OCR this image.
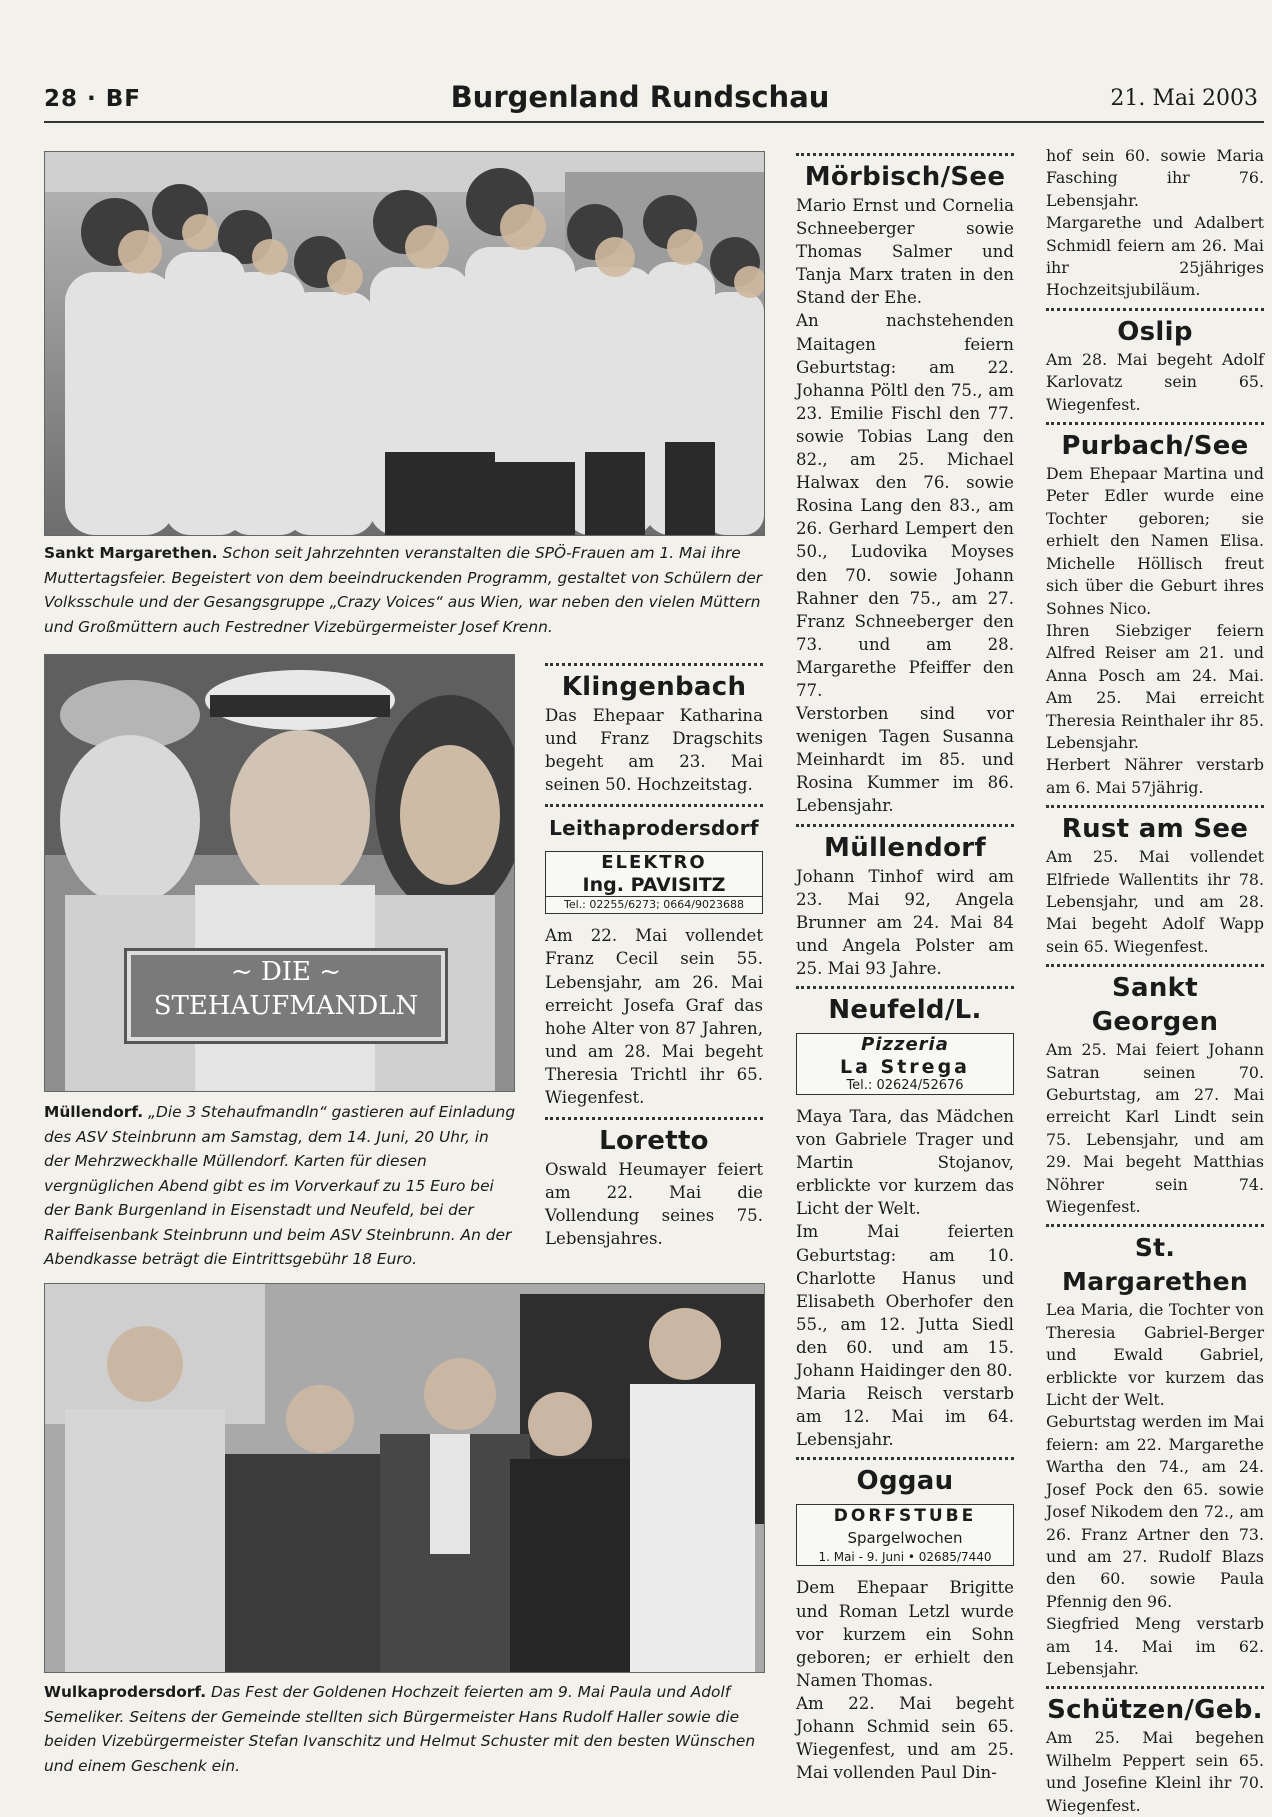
28 · BF	Burgenland Rundschau	21. Mai 2003
Sankt Margarethen. Schon seit Jahrzehnten veranstalten die SPÖ-Frauen am 1. Mai ihre Muttertagsfeier. Begeistert von dem beeindruckenden Programm, gestaltet von Schülern der Volksschule und der Gesangsgruppe „Crazy Voices“ aus Wien, war neben den vielen Müttern und Großmüttern auch Festredner Vizebürgermeister Josef Krenn.
~ DIE ~
STEHAUFMANDLN
Müllendorf. „Die 3 Stehaufmandln“ gastieren auf Einladung des ASV Steinbrunn am Samstag, dem 14. Juni, 20 Uhr, in der Mehrzweckhalle Müllendorf. Karten für diesen vergnüglichen Abend gibt es im Vorverkauf zu 15 Euro bei der Bank Burgenland in Eisenstadt und Neufeld, bei der Raiffeisenbank Steinbrunn und beim ASV Steinbrunn. An der Abendkasse beträgt die Eintrittsgebühr 18 Euro.
Wulkaprodersdorf. Das Fest der Goldenen Hochzeit feierten am 9. Mai Paula und Adolf Semeliker. Seitens der Gemeinde stellten sich Bürgermeister Hans Rudolf Haller sowie die beiden Vizebürgermeister Stefan Ivanschitz und Helmut Schuster mit den besten Wünschen und einem Geschenk ein.
Klingenbach

Das Ehepaar Katharina und Franz Dragschits begeht am 23. Mai seinen 50. Hochzeitstag.

Leithaprodersdorf
ELEKTRO
Ing. PAVISITZ
Tel.: 02255/6273; 0664/9023688

Am 22. Mai vollendet Franz Cecil sein 55. Lebensjahr, am 26. Mai erreicht Josefa Graf das hohe Alter von 87 Jahren, und am 28. Mai begeht Theresia Trichtl ihr 65. Wiegenfest.

Loretto

Oswald Heumayer feiert am 22. Mai die Vollendung seines 75. Lebensjahres.

Mörbisch/See

Mario Ernst und Cornelia Schneeberger sowie Thomas Salmer und Tanja Marx traten in den Stand der Ehe.

An nachstehenden Maitagen feiern Geburtstag: am 22. Johanna Pöltl den 75., am 23. Emilie Fischl den 77. sowie Tobias Lang den 82., am 25. Michael Halwax den 76. sowie Rosina Lang den 83., am 26. Gerhard Lempert den 50., Ludovika Moyses den 70. sowie Johann Rahner den 75., am 27. Franz Schneeberger den 73. und am 28. Margarethe Pfeiffer den 77.

Verstorben sind vor wenigen Tagen Susanna Meinhardt im 85. und Rosina Kummer im 86. Lebensjahr.

Müllendorf

Johann Tinhof wird am 23. Mai 92, Angela Brunner am 24. Mai 84 und Angela Polster am 25. Mai 93 Jahre.

Neufeld/L.
Pizzeria
La Strega
Tel.: 02624/52676

Maya Tara, das Mädchen von Gabriele Trager und Martin Stojanov, erblickte vor kurzem das Licht der Welt.

Im Mai feierten Geburtstag: am 10. Charlotte Hanus und Elisabeth Oberhofer den 55., am 12. Jutta Siedl den 60. und am 15. Johann Haidinger den 80.

Maria Reisch verstarb am 12. Mai im 64. Lebensjahr.

Oggau
DORFSTUBE
Spargelwochen
1. Mai - 9. Juni • 02685/7440

Dem Ehepaar Brigitte und Roman Letzl wurde vor kurzem ein Sohn geboren; er erhielt den Namen Thomas.

Am 22. Mai begeht Johann Schmid sein 65. Wiegenfest, und am 25. Mai vollenden Paul Din-

hof sein 60. sowie Maria Fasching ihr 76. Lebensjahr.

Margarethe und Adalbert Schmidl feiern am 26. Mai ihr 25jähriges Hochzeitsjubiläum.

Oslip

Am 28. Mai begeht Adolf Karlovatz sein 65. Wiegenfest.

Purbach/See

Dem Ehepaar Martina und Peter Edler wurde eine Tochter geboren; sie erhielt den Namen Elisa. Michelle Höllisch freut sich über die Geburt ihres Sohnes Nico.

Ihren Siebziger feiern Alfred Reiser am 21. und Anna Posch am 24. Mai. Am 25. Mai erreicht Theresia Reinthaler ihr 85. Lebensjahr.

Herbert Nährer verstarb am 6. Mai 57jährig.

Rust am See

Am 25. Mai vollendet Elfriede Wallentits ihr 78. Lebensjahr, und am 28. Mai begeht Adolf Wapp sein 65. Wiegenfest.

Sankt Georgen

Am 25. Mai feiert Johann Satran seinen 70. Geburtstag, am 27. Mai erreicht Karl Lindt sein 75. Lebensjahr, und am 29. Mai begeht Matthias Nöhrer sein 74. Wiegenfest.

St. Margarethen

Lea Maria, die Tochter von Theresia Gabriel-Berger und Ewald Gabriel, erblickte vor kurzem das Licht der Welt.

Geburtstag werden im Mai feiern: am 22. Margarethe Wartha den 74., am 24. Josef Pock den 65. sowie Josef Nikodem den 72., am 26. Franz Artner den 73. und am 27. Rudolf Blazs den 60. sowie Paula Pfennig den 96.

Siegfried Meng verstarb am 14. Mai im 62. Lebensjahr.

Schützen/Geb.

Am 25. Mai begehen Wilhelm Peppert sein 65. und Josefine Kleinl ihr 70. Wiegenfest.
